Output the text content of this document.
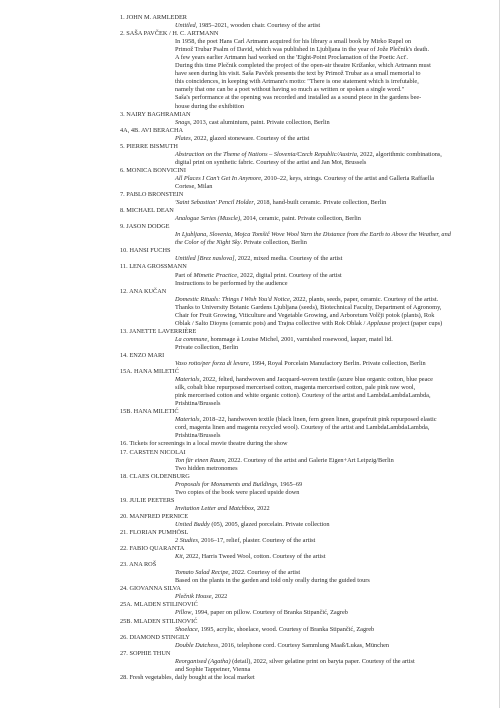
1. JOHN M. ARMLEDER
Untitled, 1985–2021, wooden chair. Courtesy of the artist
2. SAŠA PAVČEK / H. C. ARTMANN
In 1958, the poet Hans Carl Artmann acquired for his library a small book by Mirko Rupel on
Primož Trubar Psalm of David, which was published in Ljubljana in the year of Jože Plečnik's death.
A few years earlier Artmann had worked on the 'Eight-Point Proclamation of the Poetic Act'.
During this time Plečnik completed the project of the open-air theatre Križanke, which Artmann must
have seen during his visit. Saša Pavček presents the text by Primož Trubar as a small memorial to
this coincidences, in keeping with Artmann's motto: "There is one statement which is irrefutable,
namely that one can be a poet without having so much as written or spoken a single word."
Saša's performance at the opening was recorded and installed as a sound piece in the gardens bee-
house during the exhibition
3. NAIRY BAGHRAMIAN
Snags, 2013, cast aluminium, paint. Private collection, Berlin
4A, 4B. AVI BERACHA
Plates, 2022, glazed stoneware. Courtesy of the artist
5. PIERRE BISMUTH
Abstraction on the Theme of Nations – Slovenia/Czech Republic/Austria, 2022, algorithmic combinations,
digital print on synthetic fabric. Courtesy of the artist and Jan Mot, Brussels
6. MONICA BONVICINI
All Places I Can't Get In Anymore, 2010–22, keys, strings. Courtesy of the artist and Galleria Raffaella
Cortese, Milan
7. PABLO BRONSTEIN
'Saint Sebastian' Pencil Holder, 2018, hand-built ceramic. Private collection, Berlin
8. MICHAEL DEAN
Analogue Series (Muscle), 2014, ceramic, paint. Private collection, Berlin
9. JASON DODGE
In Ljubljana, Slovenia, Mojca Tomšič Wove Wool Yarn the Distance from the Earth to Above the Weather, and
the Color of the Night Sky. Private collection, Berlin
10. HANSI FUCHS
Untitled [Brez naslova], 2022, mixed media. Courtesy of the artist
11. LENA GROSSMANN
Part of Mimetic Practice, 2022, digital print. Courtesy of the artist
Instructions to be performed by the audience
12. ANA KUČAN
Domestic Rituals: Things I Wish You'd Notice, 2022, plants, seeds, paper, ceramic. Courtesy of the artist.
Thanks to University Botanic Gardens Ljubljana (seeds), Biotechnical Faculty, Department of Agronomy,
Chair for Fruit Growing, Viticulture and Vegetable Growing, and Arboretum Volčji potok (plants), Rok
Oblak / Salto Dioyns (ceramic pots) and Trajna collective with Rok Oblak / Applause project (paper cups)
13. JANETTE LAVERRIÈRE
La commune, hommage à Louise Michel, 2001, varnished rosewood, laquer, matel lid.
Private collection, Berlin
14. ENZO MARI
Vaso rotto/per forza di levare, 1994, Royal Porcelain Manufactory Berlin. Private collection, Berlin
15A. HANA MILETIĆ
Materials, 2022, felted, handwoven and Jacquard-woven textile (azure blue organic cotton, blue peace
silk, cobalt blue repurposed mercerised cotton, magenta mercerised cotton, pale pink raw wool,
pink mercerised cotton and white organic cotton). Courtesy of the artist and LambdaLambdaLambda,
Prishtina/Brussels
15B. HANA MILETIĆ
Materials, 2018–22, handwoven textile (black linen, fern green linen, grapefruit pink repurposed elastic
cord, magenta linen and magenta recycled wool). Courtesy of the artist and LambdaLambdaLambda,
Prishtina/Brussels
16. Tickets for screenings in a local movie theatre during the show
17. CARSTEN NICOLAI
Ton für einen Raum, 2022. Courtesy of the artist and Galerie Eigen+Art Leipzig/Berlin
Two hidden metronomes
18. CLAES OLDENBURG
Proposals for Monuments and Buildings, 1965–69
Two copies of the book were placed upside down
19. JULIE PEETERS
Invitation Letter and Matchbox, 2022
20. MANFRED PERNICE
United Buddy (05), 2005, glazed porcelain. Private collection
21. FLORIAN PUMHÖSL
2 Studies, 2016–17, relief, plaster. Courtesy of the artist
22. FABIO QUARANTA
Kit, 2022, Harris Tweed Wool, cotton. Courtesy of the artist
23. ANA ROŠ
Tomato Salad Recipe, 2022. Courtesy of the artist
Based on the plants in the garden and told only orally during the guided tours
24. GIOVANNA SILVA
Plečnik House, 2022
25A. MLADEN STILINOVIĆ
Pillow, 1994, paper on pillow. Courtesy of Branka Stipančić, Zagreb
25B. MLADEN STILINOVIĆ
Shoelace, 1995, acrylic, shoelace, wood. Courtesy of Branka Stipančić, Zagreb
26. DIAMOND STINGILY
Double Dutchess, 2016, telephone cord. Courtesy Sammlung Maaß/Lukas, München
27. SOPHIE THUN
Reorganised (Agatha) (detail), 2022, silver gelatine print on baryta paper. Courtesy of the artist
and Sophie Tappeiner, Vienna
28. Fresh vegetables, daily bought at the local market
